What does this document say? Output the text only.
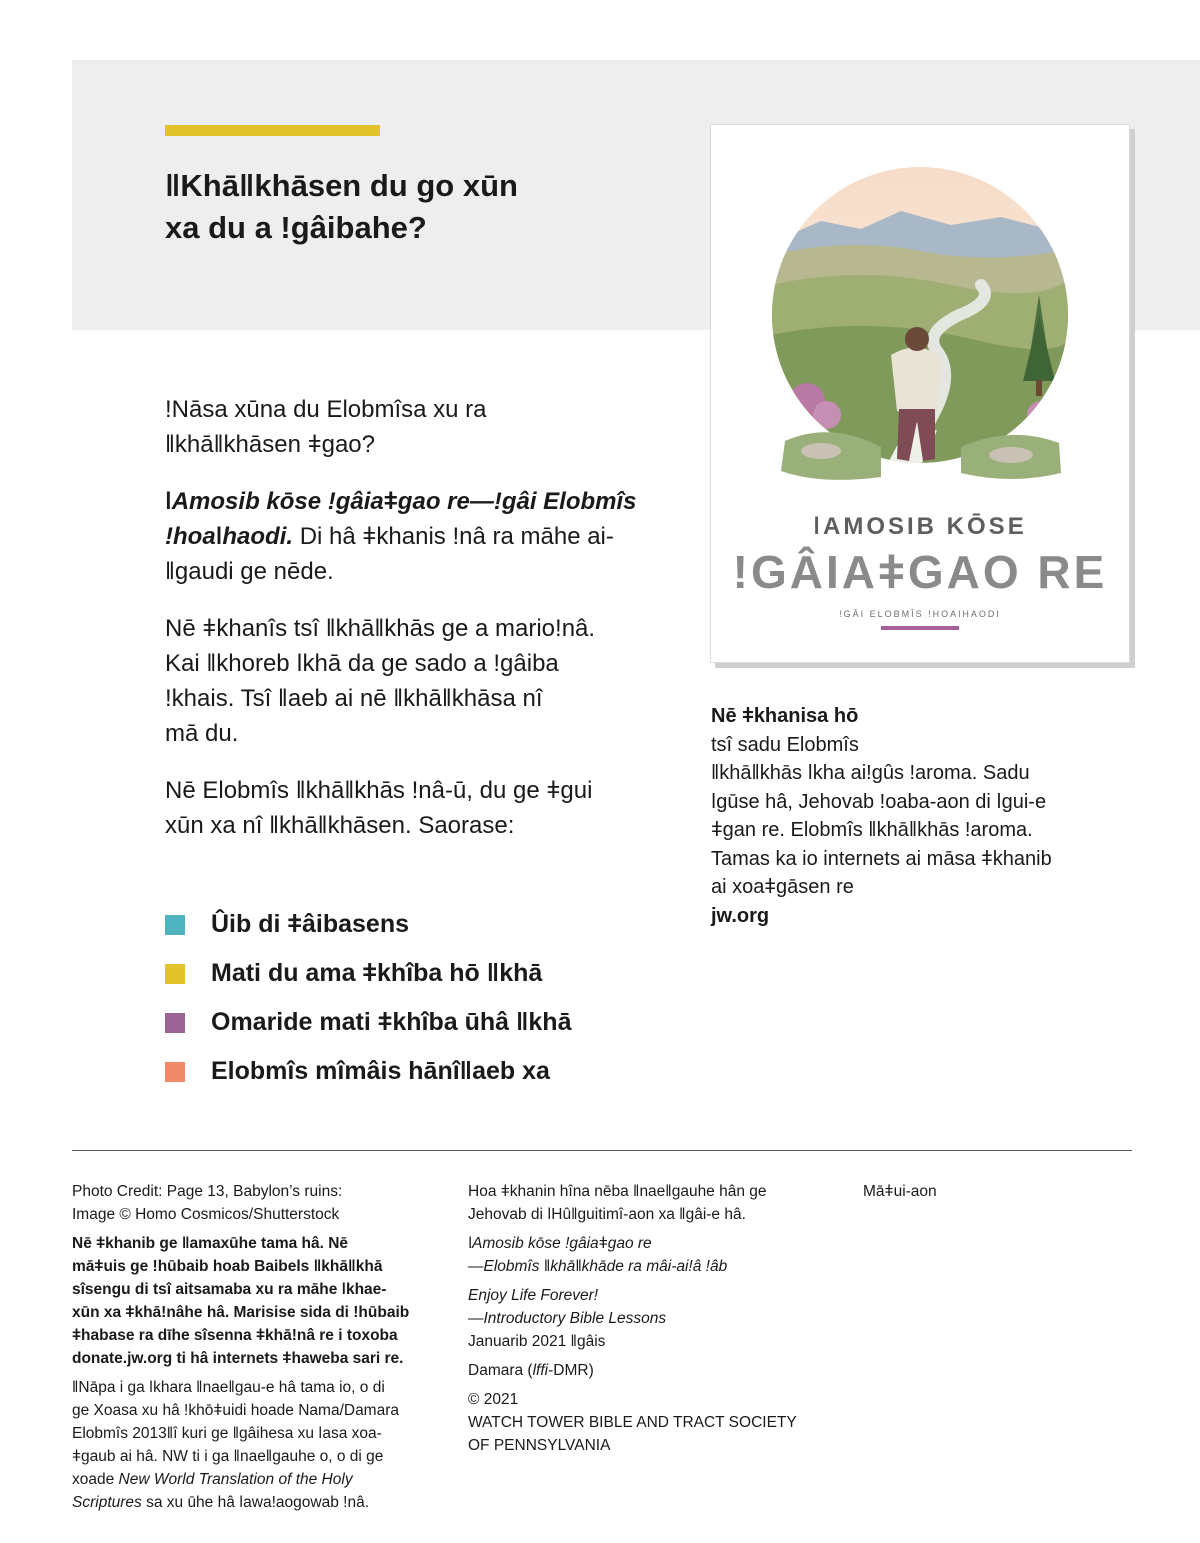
ǁKhāǁkhāsen du go xūn
xa du a ǃgâibahe?

ǃNāsa xūna du Elobmîsa xu ra
ǁkhāǁkhāsen ǂgao?

ǀAmosib kōse ǃgâiaǂgao re—ǃgâi Elobmîs
ǃhoaǀhaodi. Di hâ ǂkhanis ǃnâ ra māhe ai-
ǁgaudi ge nēde.

Nē ǂkhanîs tsî ǁkhāǁkhās ge a marioǃnâ.
Kai ǁkhoreb ǀkhā da ge sado a ǃgâiba
ǃkhais. Tsî ǁaeb ai nē ǁkhāǁkhāsa nî
mā du.

Nē Elobmîs ǁkhāǁkhās ǃnâ-ū, du ge ǂgui
xūn xa nî ǁkhāǁkhāsen. Saorase:

Ûib di ǂâibasens
Mati du ama ǂkhîba hō ǁkhā
Omaride mati ǂkhîba ūhâ ǁkhā
Elobmîs mîmâis hānîǁaeb xa
ǀAMOSIB KŌSE
ǃGÂIAǂGAO RE
ǃGÂI ELOBMÎS ǃHOAǀHAODI

Nē ǂkhanisa hō
tsî sadu Elobmîs
ǁkhāǁkhās ǀkha aiǃgûs ǃaroma. Sadu
ǀgūse hâ, Jehovab ǃoaba-aon di ǀgui-e
ǂgan re. Elobmîs ǁkhāǁkhās ǃaroma.
Tamas ka io internets ai māsa ǂkhanib
ai xoaǂgāsen re
jw.org

Photo Credit: Page 13, Babylon’s ruins:
Image © Homo Cosmicos/Shutterstock

Nē ǂkhanib ge ǁamaxūhe tama hâ. Nē
māǂuis ge ǃhūbaib hoab Baibels ǁkhāǁkhā
sîsengu di tsî aitsamaba xu ra māhe ǀkhae-
xūn xa ǂkhāǃnâhe hâ. Marisise sida di ǃhūbaib
ǂhabase ra dīhe sîsenna ǂkhāǃnâ re i toxoba
donate.jw.org ti hâ internets ǂhaweba sari re.

ǁNāpa i ga ǀkhara ǁnaeǁgau-e hâ tama io, o di
ge Xoasa xu hâ ǃkhōǂuidi hoade Nama/Damara
Elobmîs 2013ǁî kuri ge ǁgâihesa xu ǀasa xoa-
ǂgaub ai hâ. NW ti i ga ǁnaeǁgauhe o, o di ge
xoade New World Translation of the Holy
Scriptures sa xu ūhe hâ ǀawaǃaogowab ǃnâ.

Hoa ǂkhanin hîna nēba ǁnaeǁgauhe hân ge
Jehovab di ǀHûǁguitimî-aon xa ǁgâi-e hâ.

ǀAmosib kōse ǃgâiaǂgao re
—Elobmîs ǁkhāǁkhāde ra mâi-aiǃâ ǃâb

Enjoy Life Forever!
—Introductory Bible Lessons
Januarib 2021 ǁgâis

Damara (lffi-DMR)

© 2021
WATCH TOWER BIBLE AND TRACT SOCIETY
OF PENNSYLVANIA

Māǂui-aon
